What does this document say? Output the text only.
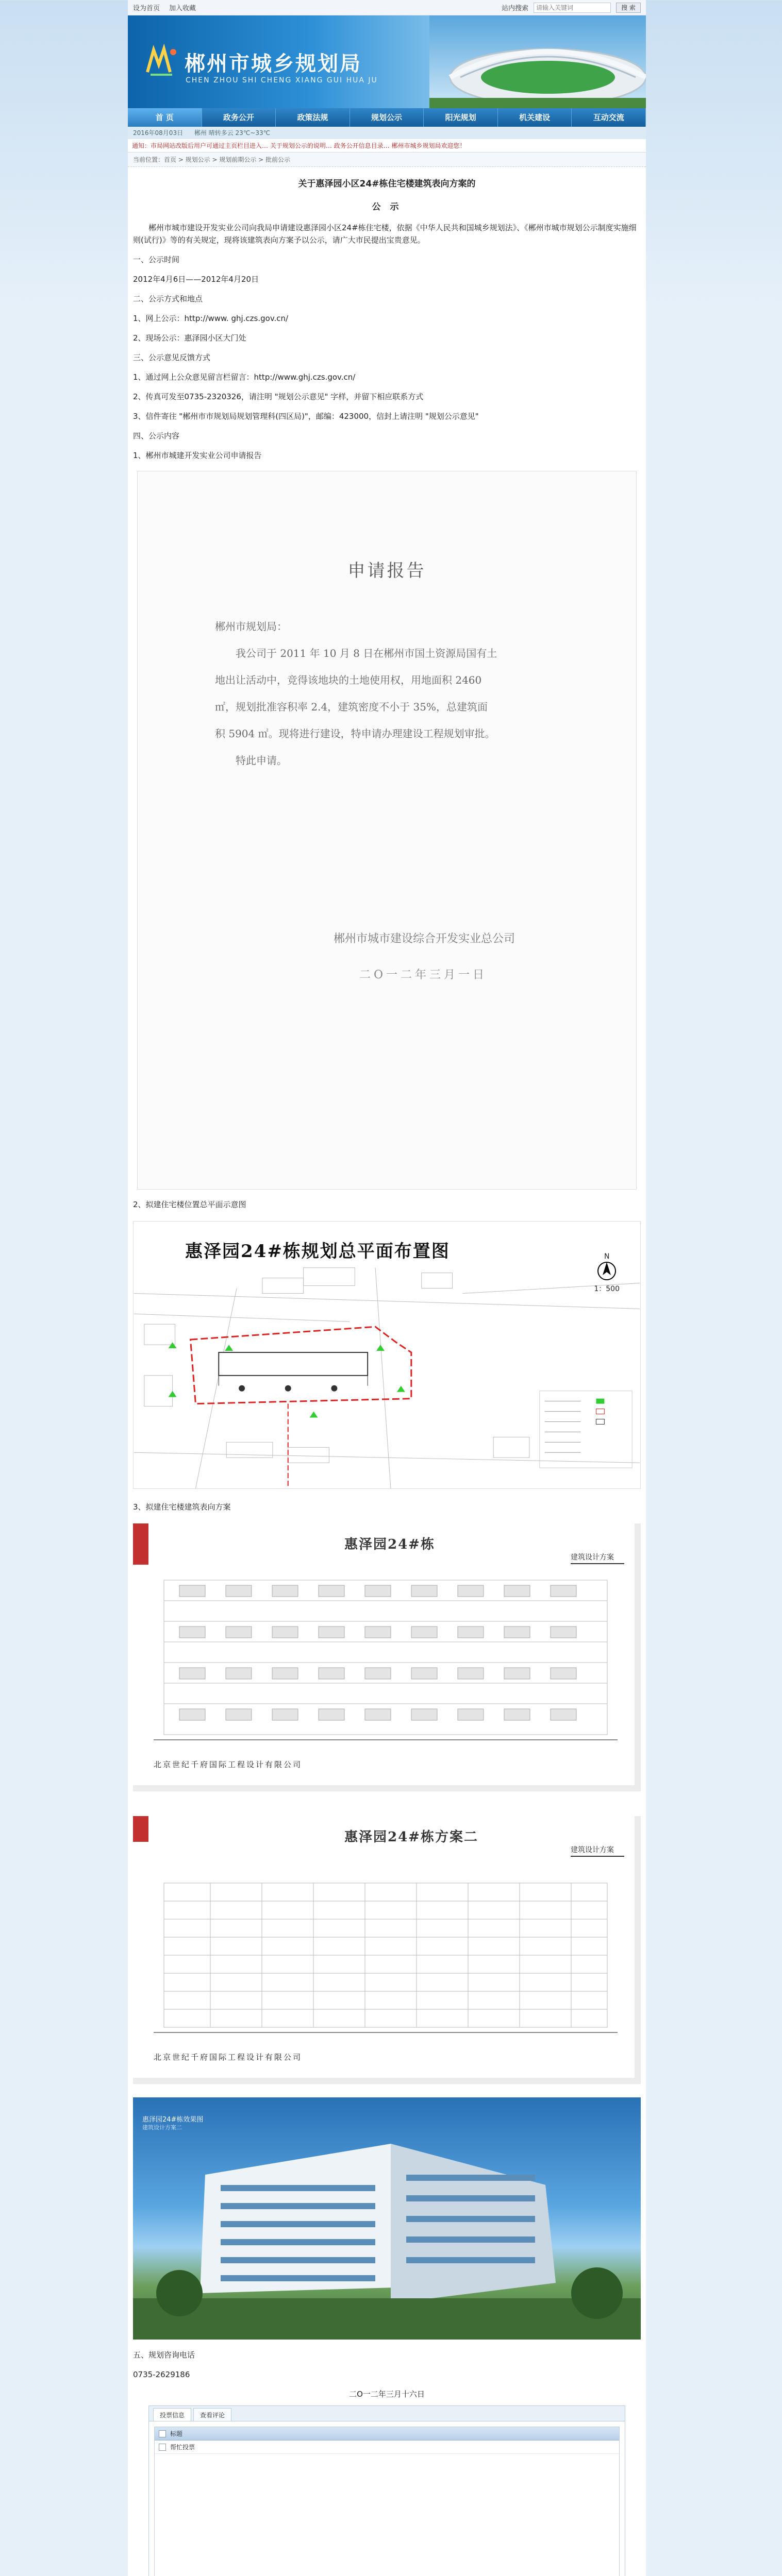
设为首页 加入收藏	站内搜索
请输入关键词	搜 索
郴州市城乡规划局
CHEN ZHOU SHI CHENG XIANG GUI HUA JU
首 页	政务公开	政策法规	规划公示	阳光规划	机关建设	互动交流
2016年08月03日 郴州 晴转多云 23℃~33℃
通知：市局网站改版后用户可通过主页栏目进入… 关于规划公示的说明… 政务公开信息目录… 郴州市城乡规划局欢迎您！
当前位置：首页 > 规划公示 > 规划前期公示 > 批前公示
关于惠泽园小区24#栋住宅楼建筑表向方案的
公 示
郴州市城市建设开发实业公司向我局申请建设惠泽园小区24#栋住宅楼，依据《中华人民共和国城乡规划法》、《郴州市城市规划公示制度实施细则(试行)》等的有关规定，现将该建筑表向方案予以公示，请广大市民提出宝贵意见。
一、公示时间
2012年4月6日——2012年4月20日
二、公示方式和地点
1、网上公示：http://www. ghj.czs.gov.cn/
2、现场公示：惠泽园小区大门处
三、公示意见反馈方式
1、通过网上公众意见留言栏留言：http://www.ghj.czs.gov.cn/
2、传真可发至0735-2320326，请注明 "规划公示意见" 字样，并留下相应联系方式
3、信件寄往 "郴州市市规划局规划管理科(四区局)"，邮编：423000，信封上请注明 "规划公示意见"
四、公示内容
1、郴州市城建开发实业公司申请报告
申请报告

郴州市规划局：

我公司于 2011 年 10 月 8 日在郴州市国土资源局国有土

地出让活动中，竞得该地块的土地使用权，用地面积 2460

㎡，规划批准容积率 2.4，建筑密度不小于 35%，总建筑面

积 5904 ㎡。现将进行建设，特申请办理建设工程规划审批。

特此申请。

郴州市城市建设综合开发实业总公司
二O一二年三月一日
2、拟建住宅楼位置总平面示意图
惠泽园24#栋规划总平面布置图	N
1：500
3、拟建住宅楼建筑表向方案
惠泽园24#栋
建筑设计方案
北京世纪千府国际工程设计有限公司
惠泽园24#栋方案二
建筑设计方案
北京世纪千府国际工程设计有限公司
惠泽园24#栋效果图
建筑设计方案二
五、规划咨询电话
0735-2629186
二O一二年三月十六日
投票信息	查看评论
标题
帮忙投票
